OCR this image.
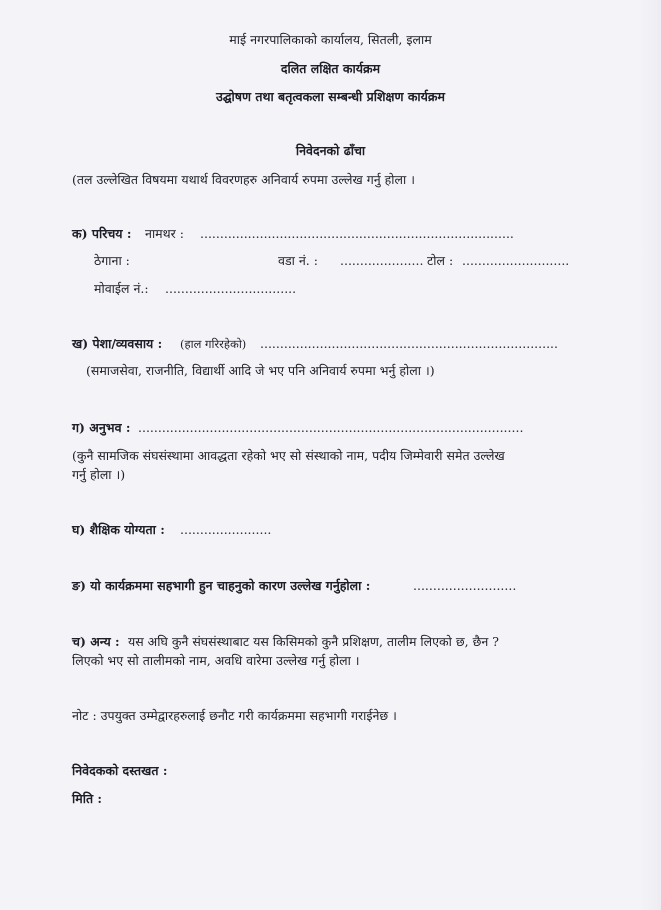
माई नगरपालिकाको कार्यालय, सितली, इलाम
दलित लक्षित कार्यक्रम
उद्घोषण तथा बतृत्वकला सम्बन्धी प्रशिक्षण कार्यक्रम
निवेदनको ढाँचा
(तल उल्लेखित विषयमा यथार्थ विवरणहरु अनिवार्य रुपमा उल्लेख गर्नु होला ।
क) परिचय : नामथर : ...............................................................................
ठेगाना :	वडा नं. : ..................... टोल : ...........................
मोवाईल नं.: .................................
ख) पेशा/व्यवसाय : (हाल गरिरहेको) ...........................................................................
(समाजसेवा, राजनीति, विद्यार्थी आदि जे भए पनि अनिवार्य रुपमा भर्नु होला ।)
ग) अनुभव : .................................................................................................
(कुनै सामजिक संघसंस्थामा आवद्धता रहेको भए सो संस्थाको नाम, पदीय जिम्मेवारी समेत उल्लेख
गर्नु होला ।)
घ) शैक्षिक योग्यता : .......................
ङ) यो कार्यक्रममा सहभागी हुन चाहनुको कारण उल्लेख गर्नुहोला :	..........................
च) अन्य : यस अघि कुनै संघसंस्थाबाट यस किसिमको कुनै प्रशिक्षण, तालीम लिएको छ, छैन ?
लिएको भए सो तालीमको नाम, अवधि वारेमा उल्लेख गर्नु होला ।
नोट : उपयुक्त उम्मेद्वारहरुलाई छनौट गरी कार्यक्रममा सहभागी गराईनेछ ।
निवेदकको दस्तखत :
मिति :
